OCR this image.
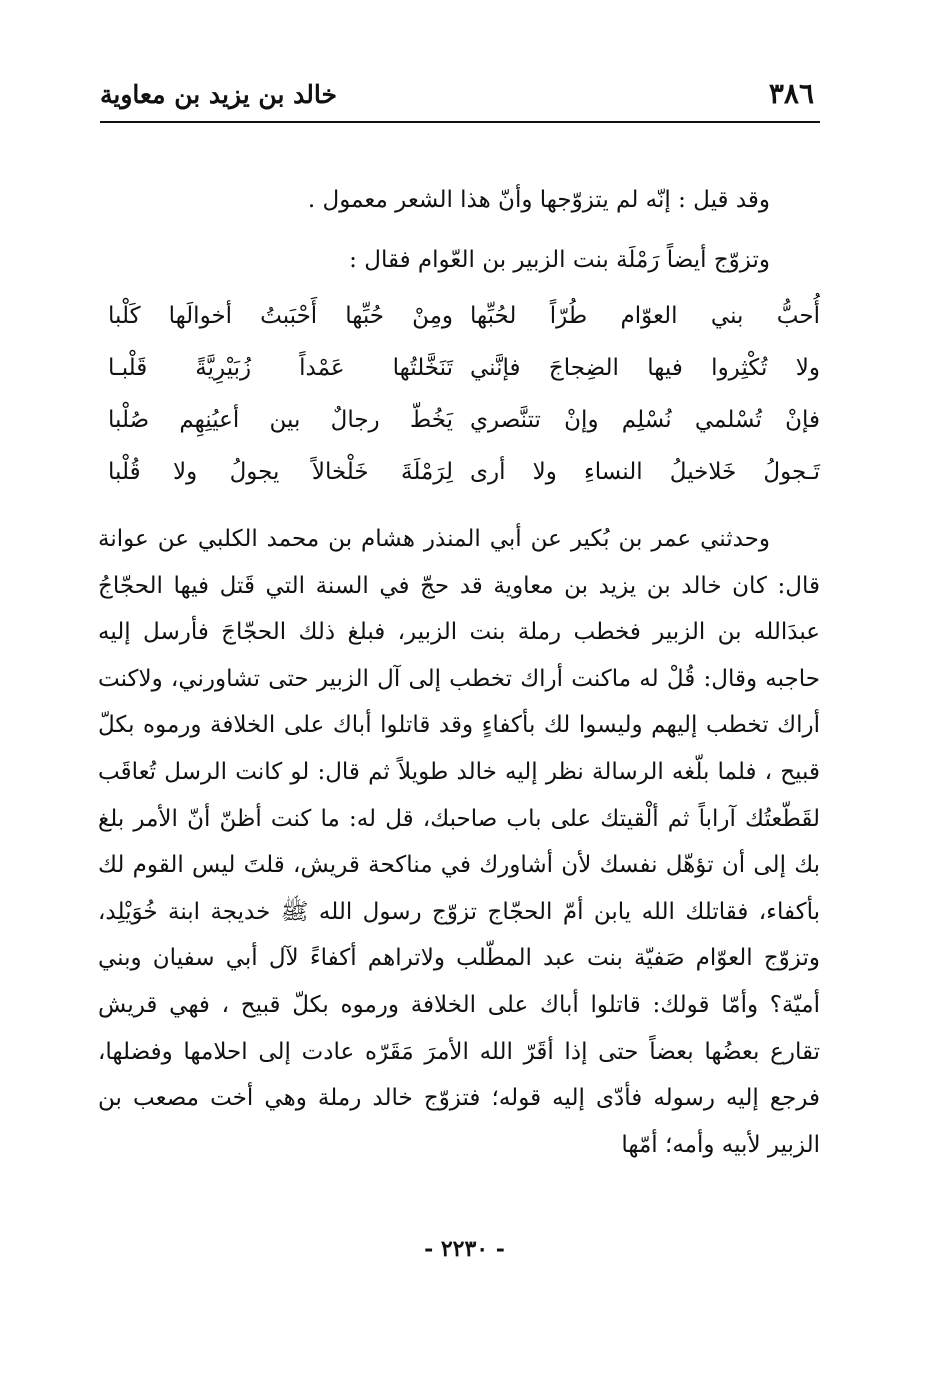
٣٨٦
خالد بن يزيد بن معاوية

وقد قيل : إنّه لم يتزوّجها وأنّ هذا الشعر معمول .

وتزوّج أيضاً رَمْلَة بنت الزبير بن العّوام فقال :

أُحبُّ بني العوّام طُرّاً لحُبِّها
ومِنْ حُبِّها أَحْبَبتُ أخوالَها كَلْبا
ولا تُكْثِروا فيها الضِجاجَ فإنَّني
تَنَخَّلتُها عَمْداً زُبَيْرِيَّةً قَلْبـا
فإنْ تُسْلمي نُسْلِم وإنْ تتنَّصري
يَخُطّ رجالٌ بين أعيُنِهِم صُلْبا
تَـجولُ خَلاخيلُ النساءِ ولا أرى
لِرَمْلَةَ خَلْخالاً يجولُ ولا قُلْبا

وحدثني عمر بن بُكير عن أبي المنذر هشام بن محمد الكلبي عن عوانة قال: كان خالد بن يزيد بن معاوية قد حجّ في السنة التي قَتل فيها الحجّاجُ عبدَالله بن الزبير فخطب رملة بنت الزبير، فبلغ ذلك الحجّاجَ فأرسل إليه حاجبه وقال: قُلْ له ماكنت أراك تخطب إلى آل الزبير حتى تشاورني، ولاكنت أراك تخطب إليهم وليسوا لك بأكفاءٍ وقد قاتلوا أباك على الخلافة ورموه بكلّ قبيح ، فلما بلّغه الرسالة نظر إليه خالد طويلاً ثم قال: لو كانت الرسل تُعاقَب لقَطّعتُك آراباً ثم ألْقيتك على باب صاحبك، قل له: ما كنت أظنّ أنّ الأمر بلغ بك إلى أن تؤهّل نفسك لأن أشاورك في مناكحة قريش، قلتَ ليس القوم لك بأكفاء، فقاتلك الله يابن أمّ الحجّاج تزوّج رسول الله ﷺ خديجة ابنة خُوَيْلِد، وتزوّج العوّام صَفيّة بنت عبد المطّلب ولاتراهم أكفاءً لآل أبي سفيان وبني أميّة؟ وأمّا قولك: قاتلوا أباك على الخلافة ورموه بكلّ قبيح ، فهي قريش تقارع بعضُها بعضاً حتى إذا أقَرّ الله الأمرَ مَقَرّه عادت إلى احلامها وفضلها، فرجع إليه رسوله فأدّى إليه قوله؛ فتزوّج خالد رملة وهي أخت مصعب بن الزبير لأبيه وأمه؛ أمّها

- ٢٢٣٠ -
